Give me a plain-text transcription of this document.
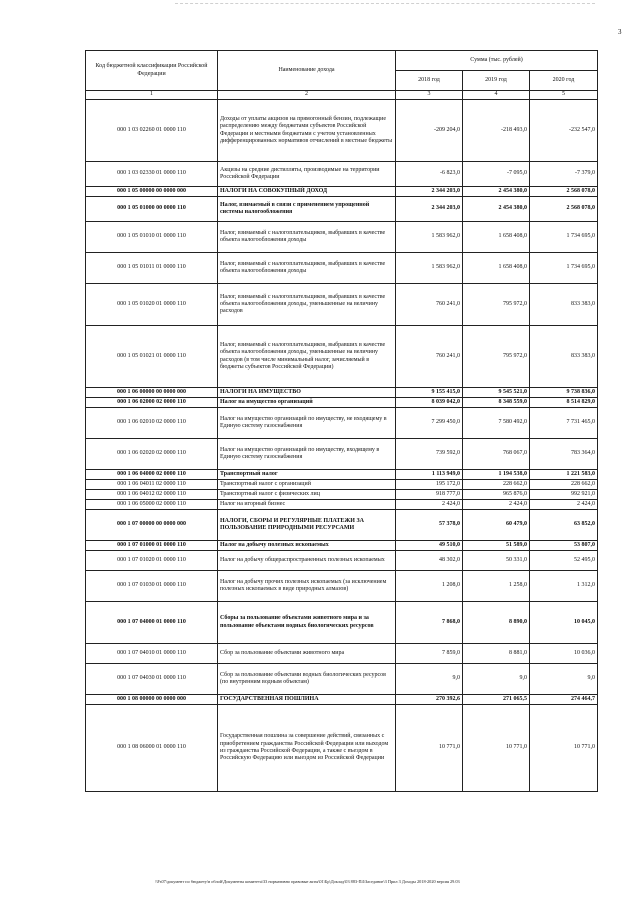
3
Код бюджетной классификации Российской Федерации	Наименование дохода	Сумма (тыс. рублей)		
		2018 год	2019 год	2020 год
1	2	3	4	5
000 1 03 02260 01 0000 110	Доходы от уплаты акцизов на прямогонный бензин, подлежащие распределению между бюджетами субъектов Российской Федерации и местными бюджетами с учетом установленных дифференцированных нормативов отчислений в местные бюджеты	-209 204,0	-218 493,0	-232 547,0
000 1 03 02330 01 0000 110	Акцизы на средние дистилляты, производимые на территории Российской Федерации	-6 823,0	-7 095,0	-7 379,0
000 1 05 00000 00 0000 000	НАЛОГИ НА СОВОКУПНЫЙ ДОХОД	2 344 203,0	2 454 380,0	2 568 078,0
000 1 05 01000 00 0000 110	Налог, взимаемый в связи с применением упрощенной системы налогообложения	2 344 203,0	2 454 380,0	2 568 078,0
000 1 05 01010 01 0000 110	Налог, взимаемый с налогоплательщиков, выбравших в качестве объекта налогообложения доходы	1 583 962,0	1 658 408,0	1 734 695,0
000 1 05 01011 01 0000 110	Налог, взимаемый с налогоплательщиков, выбравших в качестве объекта налогообложения доходы	1 583 962,0	1 658 408,0	1 734 695,0
000 1 05 01020 01 0000 110	Налог, взимаемый с налогоплательщиков, выбравших в качестве объекта налогообложения доходы, уменьшенные на величину расходов	760 241,0	795 972,0	833 383,0
000 1 05 01021 01 0000 110	Налог, взимаемый с налогоплательщиков, выбравших в качестве объекта налогообложения доходы, уменьшенные на величину расходов (в том числе минимальный налог, зачисляемый в бюджеты субъектов Российской Федерации)	760 241,0	795 972,0	833 383,0
000 1 06 00000 00 0000 000	НАЛОГИ НА ИМУЩЕСТВО	9 155 415,0	9 545 521,0	9 738 836,0
000 1 06 02000 02 0000 110	Налог на имущество организаций	8 039 042,0	8 348 559,0	8 514 829,0
000 1 06 02010 02 0000 110	Налог на имущество организаций по имуществу, не входящему в Единую систему газоснабжения	7 299 450,0	7 580 492,0	7 731 465,0
000 1 06 02020 02 0000 110	Налог на имущество организаций по имуществу, входящему в Единую систему газоснабжения	739 592,0	768 067,0	783 364,0
000 1 06 04000 02 0000 110	Транспортный налог	1 113 949,0	1 194 538,0	1 221 583,0
000 1 06 04011 02 0000 110	Транспортный налог с организаций	195 172,0	228 662,0	228 662,0
000 1 06 04012 02 0000 110	Транспортный налог с физических лиц	918 777,0	965 876,0	992 921,0
000 1 06 05000 02 0000 110	Налог на игорный бизнес	2 424,0	2 424,0	2 424,0
000 1 07 00000 00 0000 000	НАЛОГИ, СБОРЫ И РЕГУЛЯРНЫЕ ПЛАТЕЖИ ЗА ПОЛЬЗОВАНИЕ ПРИРОДНЫМИ РЕСУРСАМИ	57 378,0	60 479,0	63 852,0
000 1 07 01000 01 0000 110	Налог на добычу полезных ископаемых	49 510,0	51 589,0	53 807,0
000 1 07 01020 01 0000 110	Налог на добычу общераспространенных полезных ископаемых	48 302,0	50 331,0	52 495,0
000 1 07 01030 01 0000 110	Налог на добычу прочих полезных ископаемых (за исключением полезных ископаемых в виде природных алмазов)	1 208,0	1 258,0	1 312,0
000 1 07 04000 01 0000 110	Сборы за пользование объектами животного мира и за пользование объектами водных биологических ресурсов	7 868,0	8 890,0	10 045,0
000 1 07 04010 01 0000 110	Сбор за пользование объектами животного мира	7 859,0	8 881,0	10 036,0
000 1 07 04030 01 0000 110	Сбор за пользование объектами водных биологических ресурсов (по внутренним водным объектам)	9,0	9,0	9,0
000 1 08 00000 00 0000 000	ГОСУДАРСТВЕННАЯ ПОШЛИНА	270 392,6	271 065,5	274 464,7
000 1 08 06000 01 0000 110	Государственная пошлина за совершение действий, связанных с приобретением гражданства Российской Федерации или выходом из гражданства Российской Федерации, а также с въездом в Российскую Федерацию или выездом из Российской Федерации	10 771,0	10 771,0	10 771,0
\\Fs07\документ по бюджету\в облой\Документы комитета\33 нормативно правовые акты\01\Бр\Доклад\03 883-П4\Заседание\3 Прил 3 Доходы 2018-2020 версия 29.03
